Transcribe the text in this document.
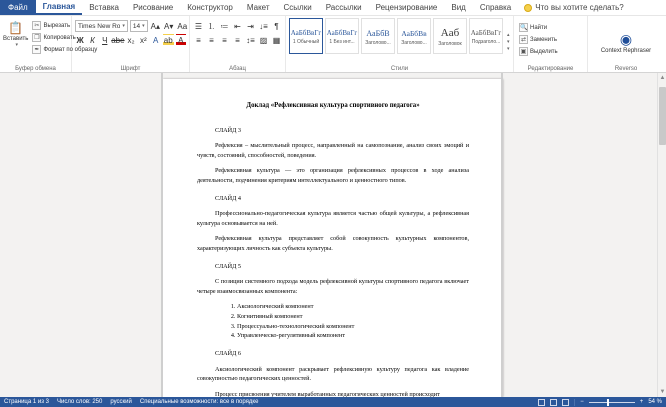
Файл	Главная	Вставка	Рисование	Конструктор	Макет	Ссылки	Рассылки	Рецензирование	Вид	Справка	Что вы хотите сделать?
📋
Вставить
▾
✂ Вырезать
❐ Копировать
✒ Формат по образцу
Буфер обмена
Times New Ro ▾ 14 ▾ A▴ A▾ Aa
Ж К Ч abe x₂ x² A ab A
Шрифт
☰ ⒈ ≔ ⇤ ⇥ ↓≡ ¶
≡	≡	≡	≡ ↕≡ ▨ ▦
Абзац
АаБбВвГг
1 Обычный
АаБбВвГг
1 Без инт...
АаБбВ
Заголово...
АаБбВв
Заголово...
Aаб
Заголовок
АаБбВвГг
Подзаголо...
▴
▾
▾
Стили
🔍 Найти
⇄ Заменить
▣ Выделить
Редактирование
◉
Context Rephraser
Reverso
Доклад «Рефлексивная культура спортивного педагога»
СЛАЙД 3

Рефлексия – мыслительный процесс, направленный на самопознание, анализ своих эмоций и чувств, состояний, способностей, поведения.

Рефлексивная культура — это организация рефлексивных процессов в ходе анализа деятельности, подчинения критериям интеллектуального и ценностного типов.

СЛАЙД 4

Профессионально-педагогическая культура является частью общей культуры, а рефлексивная культура основывается на ней.

Рефлексивная культура представляет собой совокупность культурных компонентов, характеризующих личность как субъекта культуры.

СЛАЙД 5

С позиции системного подхода модель рефлексивной культуры спортивного педагога включает четыре взаимосвязанных компонента:

1. Аксиологический компонент
2. Когнитивный компонент
3. Процессуально-технологический компонент
4. Управленческо-регулятивный компонент
СЛАЙД 6

Аксиологический компонент раскрывает рефлексивную культуру педагога как владение совокупностью педагогических ценностей.

Процесс присвоения учителем выработанных педагогических ценностей происходит

▲
▼
Страница 1 из 3 Число слов: 250 русский Специальные возможности: все в порядке	−	+ 54 %
